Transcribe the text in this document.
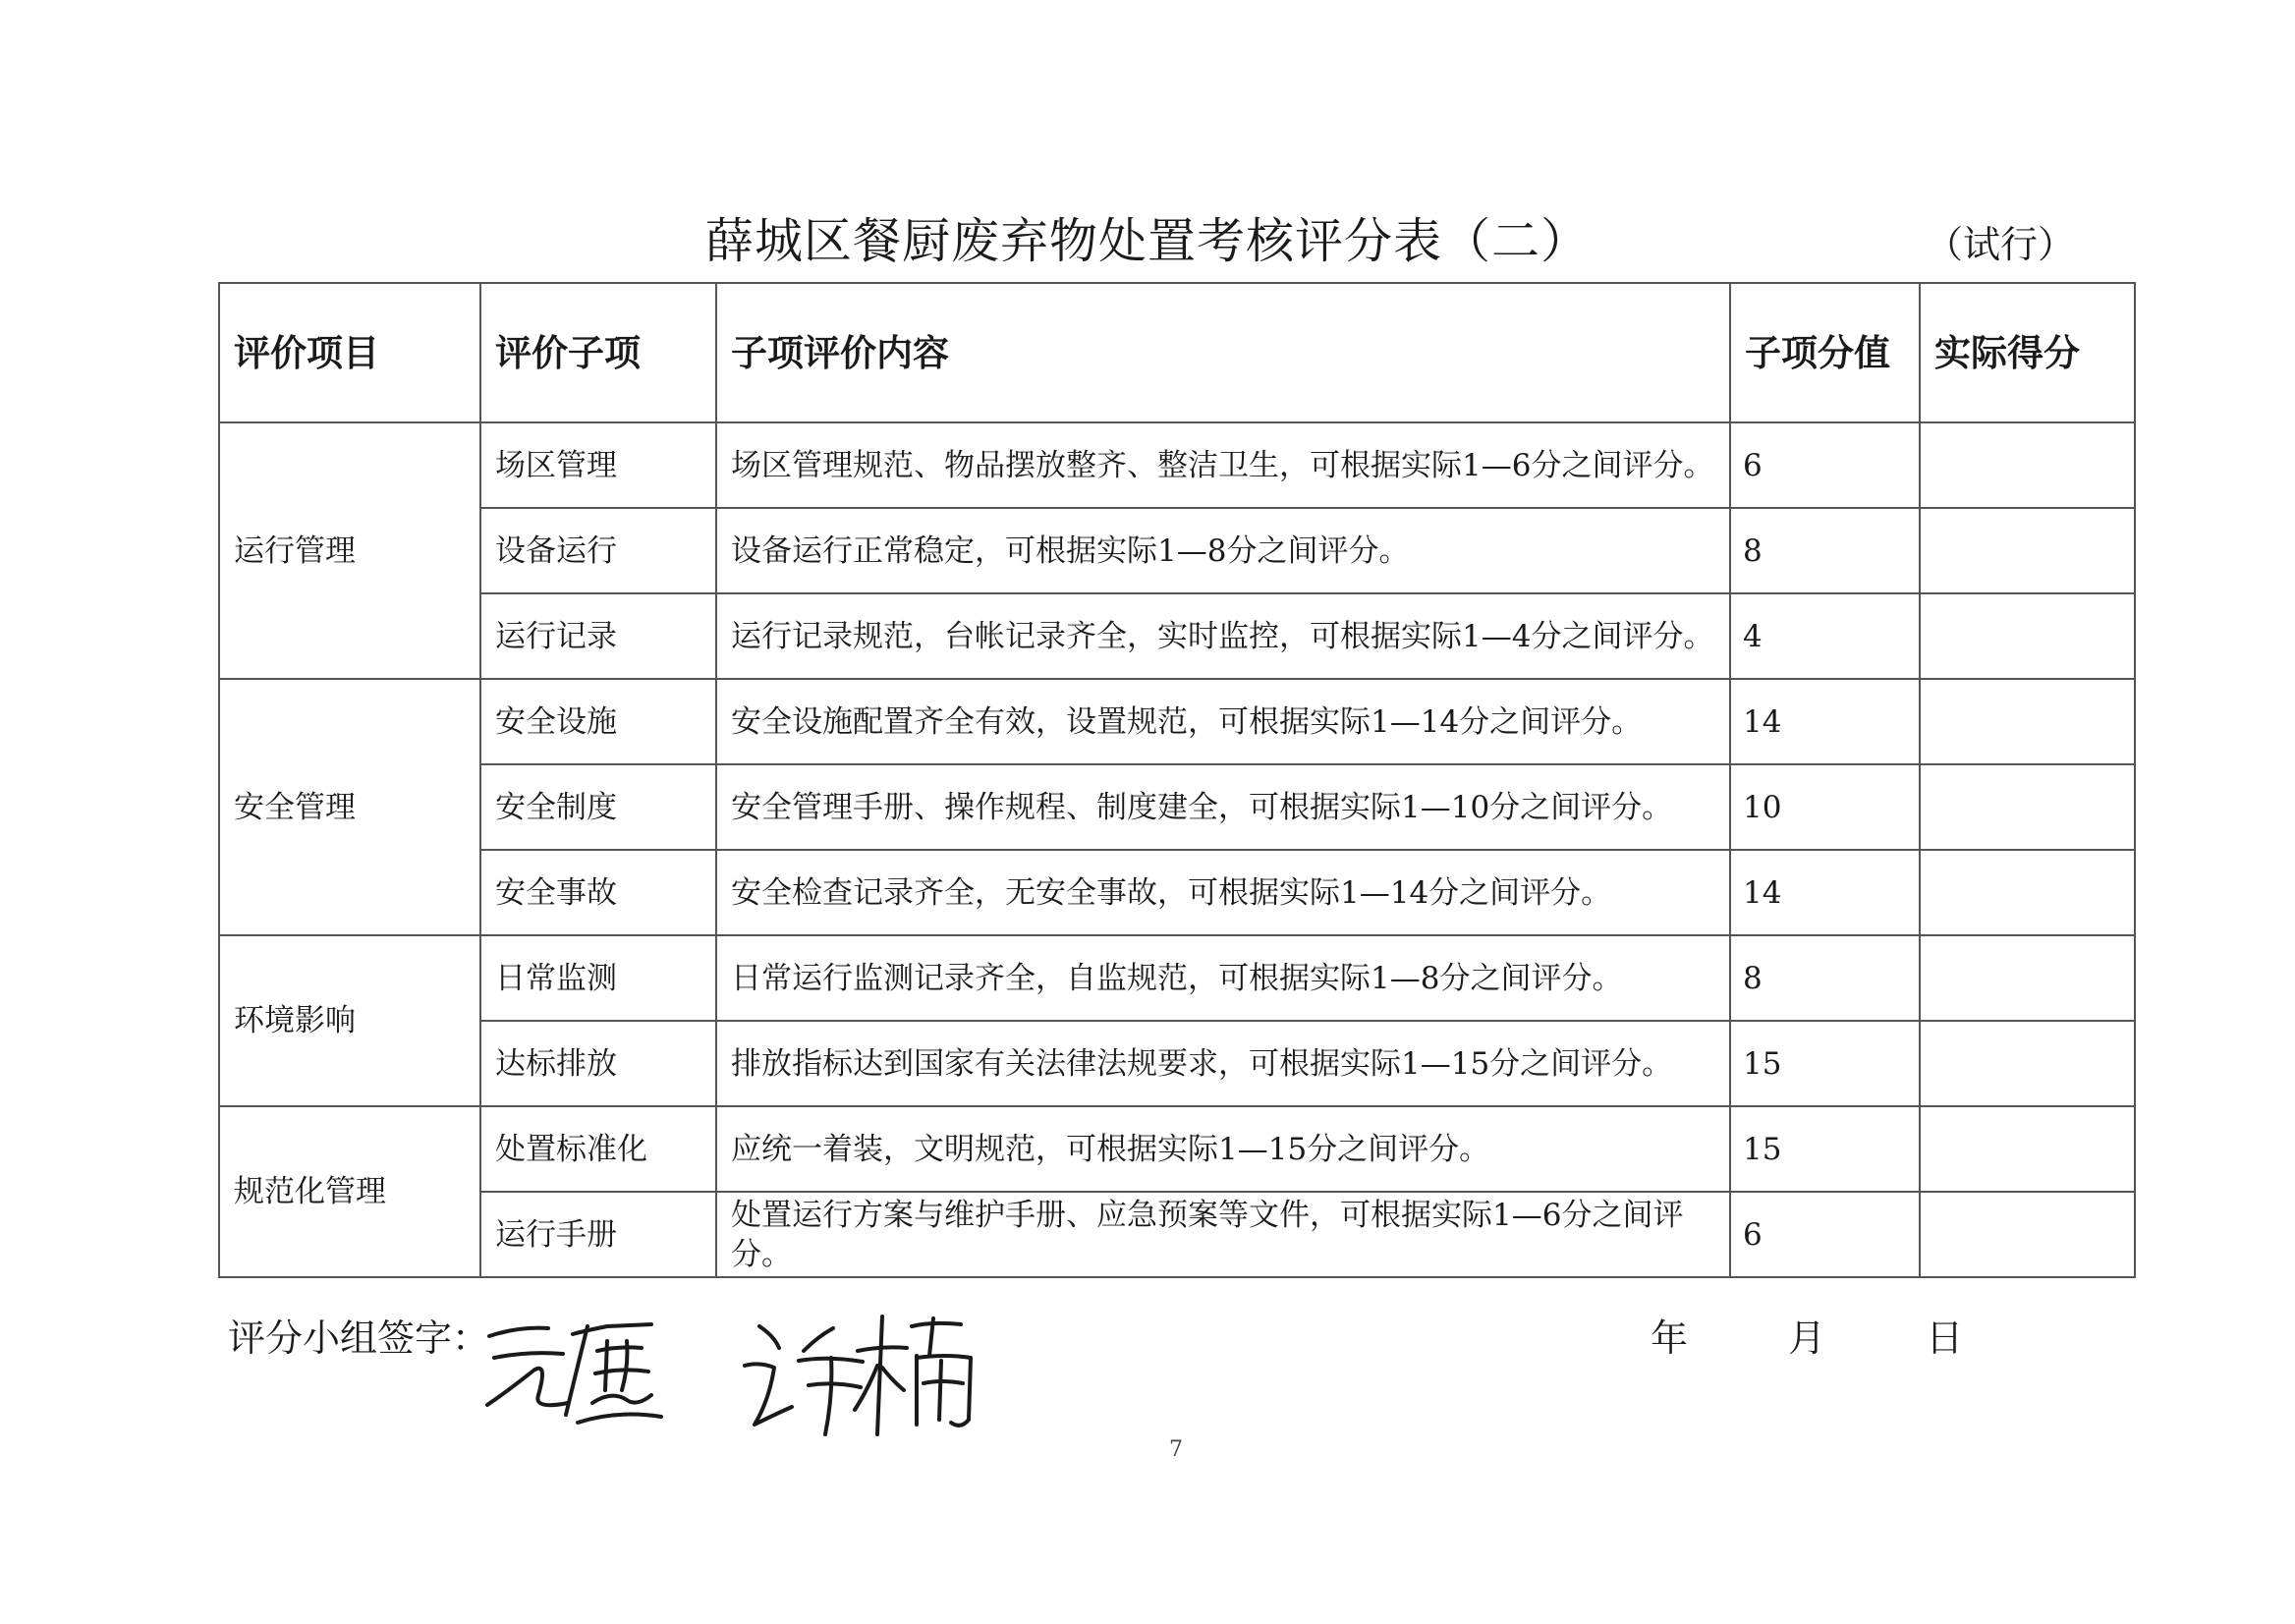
薛城区餐厨废弃物处置考核评分表（二）	（试行）
评价项目	评价子项	子项评价内容	子项分值	实际得分
运行管理	场区管理	场区管理规范、物品摆放整齐、整洁卫生，可根据实际1—6分之间评分。	6	
	设备运行	设备运行正常稳定，可根据实际1—8分之间评分。	8	
	运行记录	运行记录规范，台帐记录齐全，实时监控，可根据实际1—4分之间评分。	4	
安全管理	安全设施	安全设施配置齐全有效，设置规范，可根据实际1—14分之间评分。	14	
	安全制度	安全管理手册、操作规程、制度建全，可根据实际1—10分之间评分。	10	
	安全事故	安全检查记录齐全，无安全事故，可根据实际1—14分之间评分。	14	
环境影响	日常监测	日常运行监测记录齐全，自监规范，可根据实际1—8分之间评分。	8	
	达标排放	排放指标达到国家有关法律法规要求，可根据实际1—15分之间评分。	15	
规范化管理	处置标准化	应统一着装，文明规范，可根据实际1—15分之间评分。	15	
	运行手册	处置运行方案与维护手册、应急预案等文件，可根据实际1—6分之间评分。	6	
评分小组签字：	年	月	日
7
